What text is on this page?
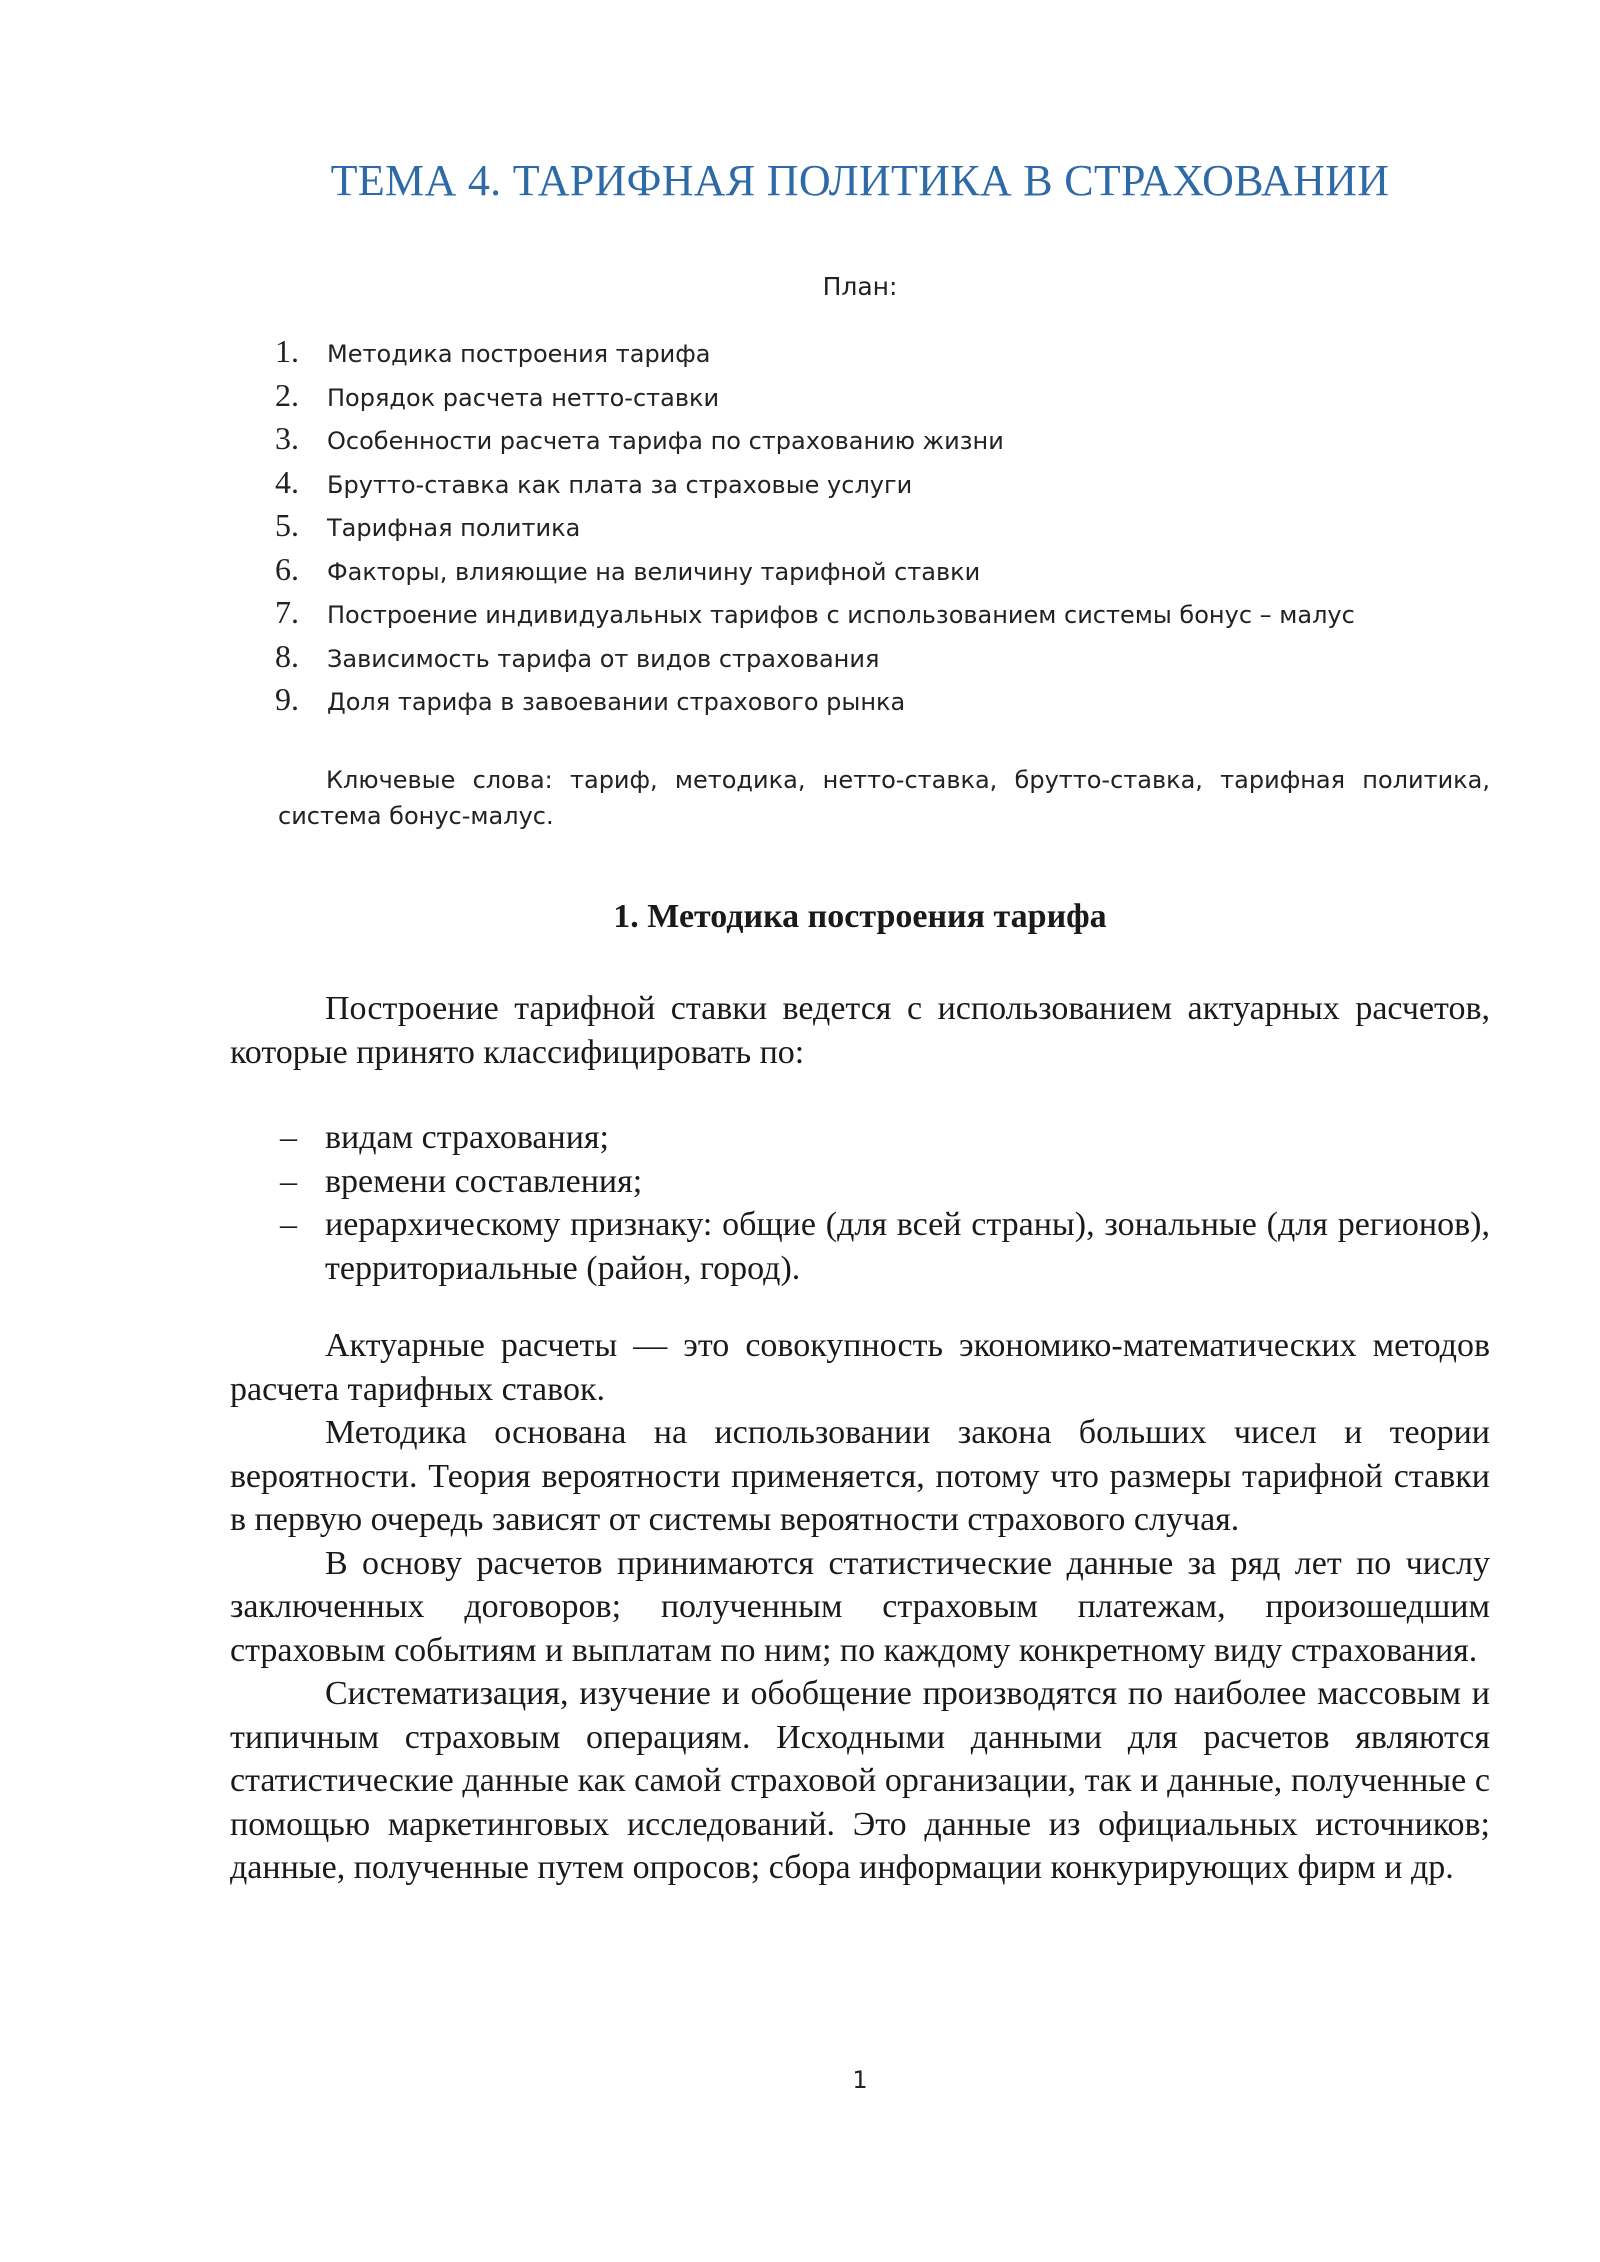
ТЕМА 4. ТАРИФНАЯ ПОЛИТИКА В СТРАХОВАНИИ
План:
1.	Методика построения тарифа
2.	Порядок расчета нетто-ставки
3.	Особенности расчета тарифа по страхованию жизни
4.	Брутто-ставка как плата за страховые услуги
5.	Тарифная политика
6.	Факторы, влияющие на величину тарифной ставки
7.	Построение индивидуальных тарифов с использованием системы бонус – малус
8.	Зависимость тарифа от видов страхования
9.	Доля тарифа в завоевании страхового рынка
Ключевые слова: тариф, методика, нетто-ставка, брутто-ставка, тарифная политика, система бонус-малус.
1. Методика построения тарифа

Построение тарифной ставки ведется с использованием актуарных расчетов, которые принято классифицировать по:

– видам страхования;
– времени составления;
– иерархическому признаку: общие (для всей страны), зональные (для регионов), территориальные (район, город).

Актуарные расчеты — это совокупность экономико-математических методов расчета тарифных ставок.

Методика основана на использовании закона больших чисел и теории вероятности. Теория вероятности применяется, потому что размеры тарифной ставки в первую очередь зависят от системы вероятности страхового случая.

В основу расчетов принимаются статистические данные за ряд лет по числу заключенных договоров; полученным страховым платежам, произошедшим страховым событиям и выплатам по ним; по каждому конкретному виду страхования.

Систематизация, изучение и обобщение производятся по наиболее массовым и типичным страховым операциям. Исходными данными для расчетов являются статистические данные как самой страховой организации, так и данные, полученные с помощью маркетинговых исследований. Это данные из официальных источников; данные, полученные путем опросов; сбора информации конкурирующих фирм и др.

1
